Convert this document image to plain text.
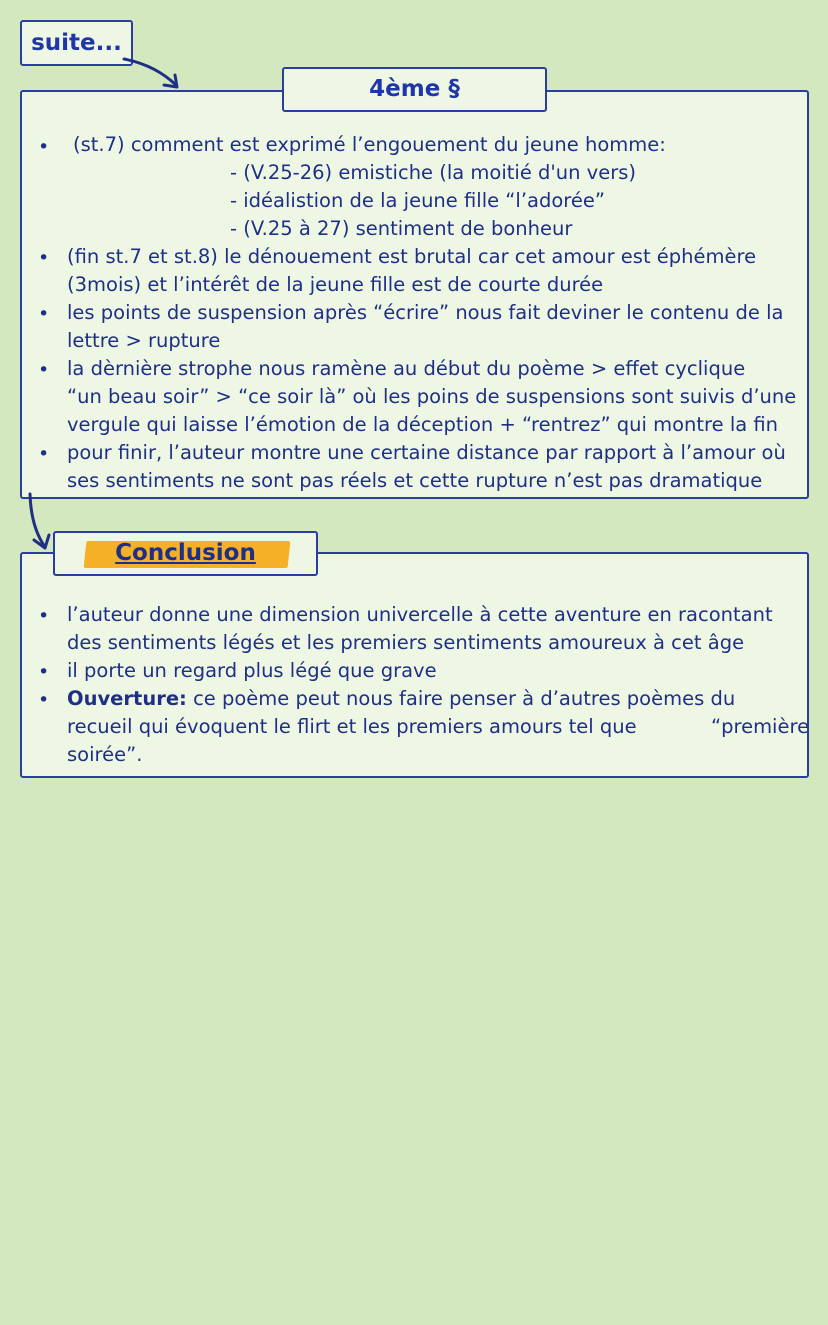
suite...
4ème §
• (st.7) comment est exprimé l’engouement du jeune homme:
- (V.25-26) emistiche (la moitié d'un vers)
- idéalistion de la jeune fille “l’adorée”
- (V.25 à 27) sentiment de bonheur
• (fin st.7 et st.8) le dénouement est brutal car cet amour est éphémère
(3mois) et l’intérêt de la jeune fille est de courte durée
• les points de suspension après “écrire” nous fait deviner le contenu de la
lettre > rupture
• la dèrnière strophe nous ramène au début du poème > effet cyclique
“un beau soir” > “ce soir là” où les poins de suspensions sont suivis d’une
vergule qui laisse l’émotion de la déception + “rentrez” qui montre la fin
• pour finir, l’auteur montre une certaine distance par rapport à l’amour où
ses sentiments ne sont pas réels et cette rupture n’est pas dramatique
Conclusion
• l’auteur donne une dimension univercelle à cette aventure en racontant
des sentiments légés et les premiers sentiments amoureux à cet âge
• il porte un regard plus légé que grave
• Ouverture: ce poème peut nous faire penser à d’autres poèmes du
recueil qui évoquent le flirt et les premiers amours tel que	“première
soirée”.
